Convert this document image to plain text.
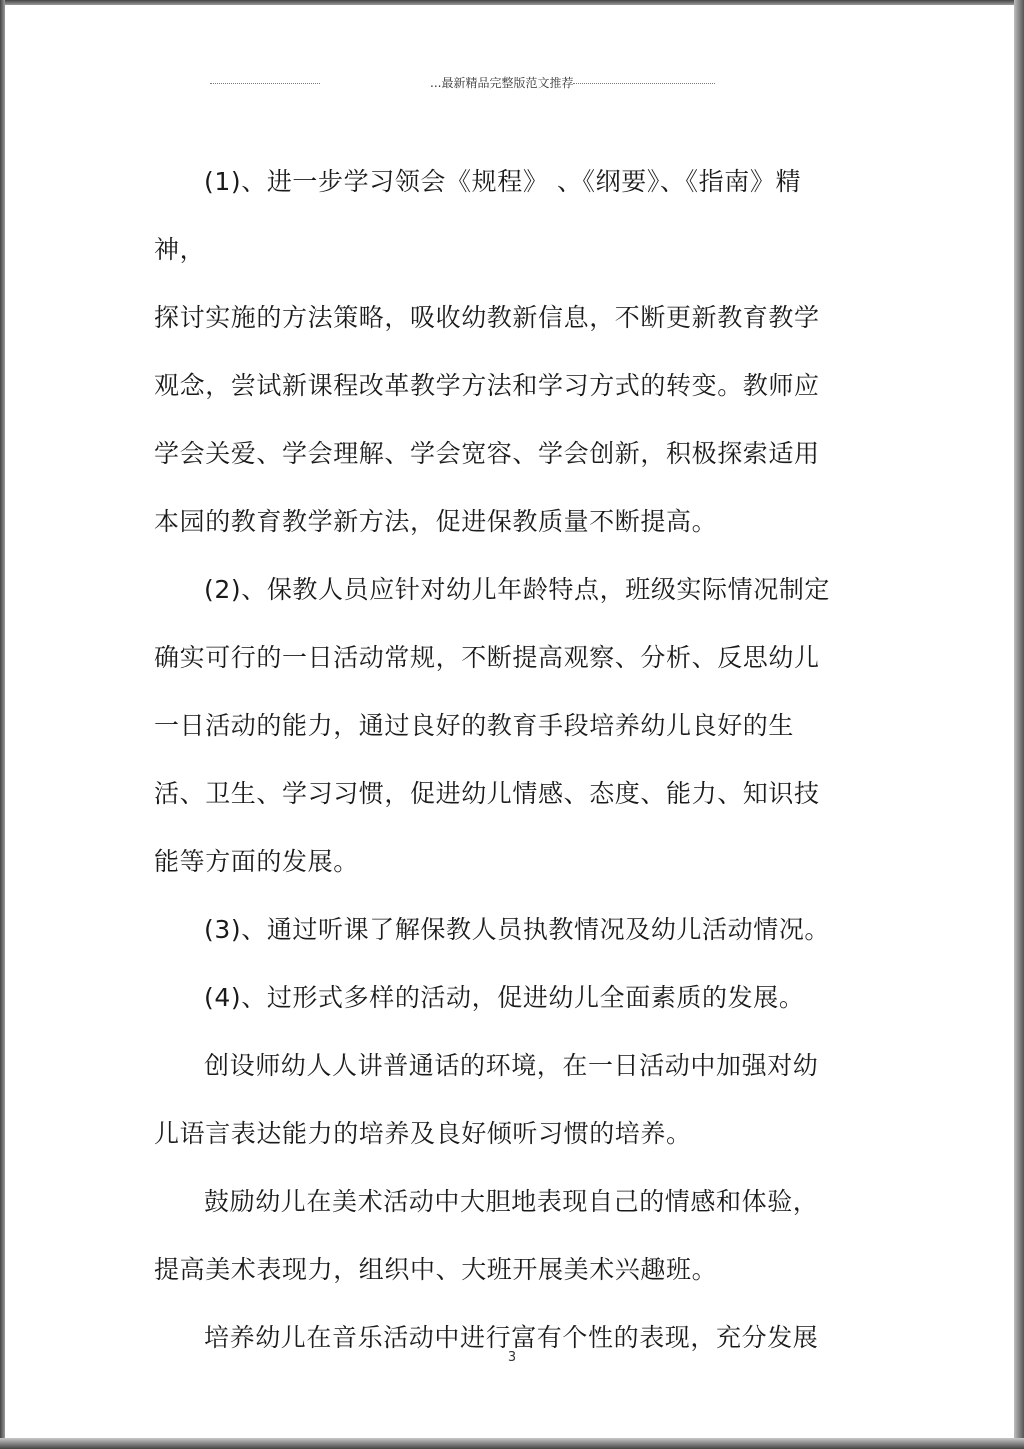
...最新精品完整版范文推荐
(1)、进一步学习领会《规程》 、《纲要》、《指南》精神，
探讨实施的方法策略，吸收幼教新信息，不断更新教育教学
观念，尝试新课程改革教学方法和学习方式的转变。教师应
学会关爱、学会理解、学会宽容、学会创新，积极探索适用
本园的教育教学新方法，促进保教质量不断提高。
(2)、保教人员应针对幼儿年龄特点，班级实际情况制定
确实可行的一日活动常规，不断提高观察、分析、反思幼儿
一日活动的能力，通过良好的教育手段培养幼儿良好的生
活、卫生、学习习惯，促进幼儿情感、态度、能力、知识技
能等方面的发展。
(3)、通过听课了解保教人员执教情况及幼儿活动情况。
(4)、过形式多样的活动，促进幼儿全面素质的发展。
创设师幼人人讲普通话的环境，在一日活动中加强对幼
儿语言表达能力的培养及良好倾听习惯的培养。
鼓励幼儿在美术活动中大胆地表现自己的情感和体验，
提高美术表现力，组织中、大班开展美术兴趣班。
培养幼儿在音乐活动中进行富有个性的表现，充分发展
3
